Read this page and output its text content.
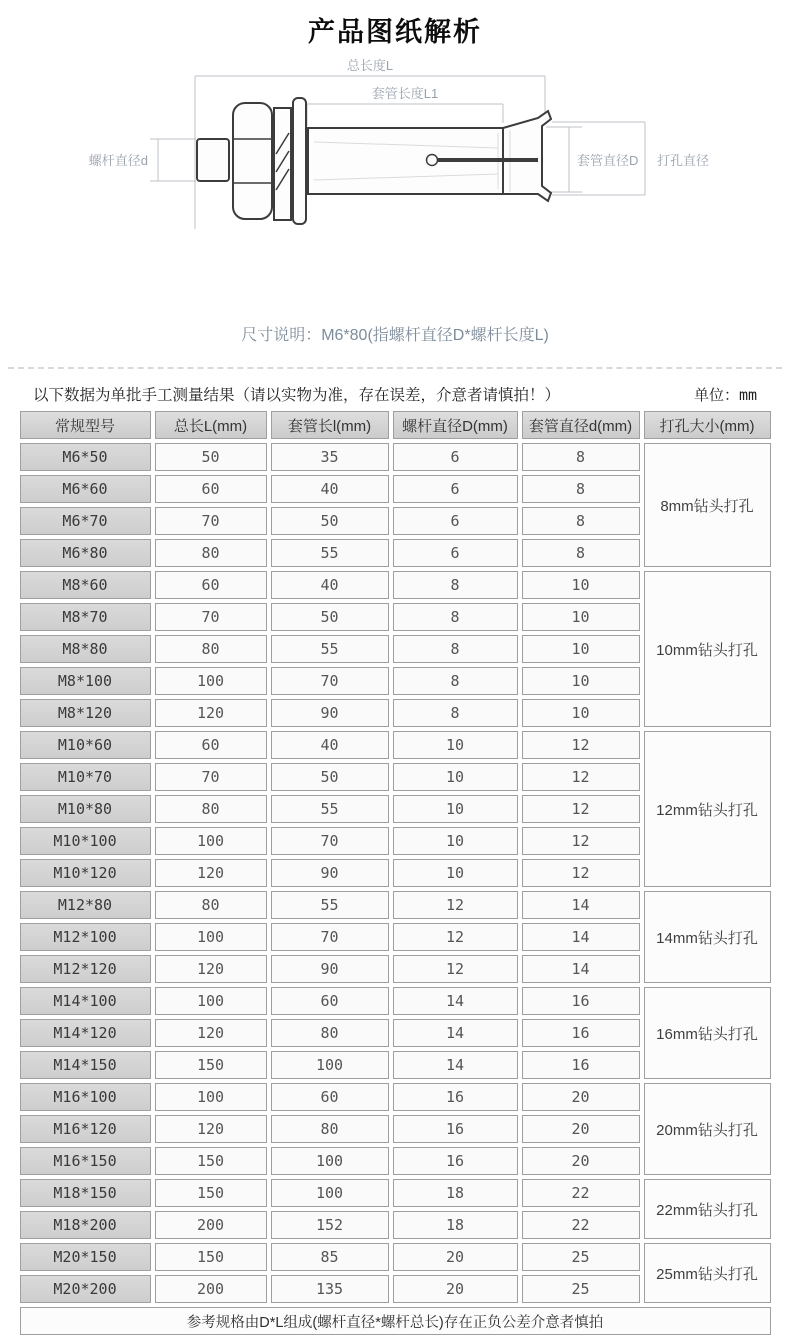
产品图纸解析
总长度L
套管长度L1
螺杆直径d	套管直径D 打孔直径

尺寸说明：M6*80(指螺杆直径D*螺杆长度L)

以下数据为单批手工测量结果（请以实物为准，存在误差，介意者请慎拍！）	单位：mm
常规型号	总长L(mm)	套管长l(mm)	螺杆直径D(mm)	套管直径d(mm)	打孔大小(mm)
M6*50	50	35	6	8	8mm钻头打孔
M6*60	60	40	6	8	
M6*70	70	50	6	8	
M6*80	80	55	6	8	
M8*60	60	40	8	10	10mm钻头打孔
M8*70	70	50	8	10	
M8*80	80	55	8	10	
M8*100	100	70	8	10	
M8*120	120	90	8	10	
M10*60	60	40	10	12	12mm钻头打孔
M10*70	70	50	10	12	
M10*80	80	55	10	12	
M10*100	100	70	10	12	
M10*120	120	90	10	12	
M12*80	80	55	12	14	14mm钻头打孔
M12*100	100	70	12	14	
M12*120	120	90	12	14	
M14*100	100	60	14	16	16mm钻头打孔
M14*120	120	80	14	16	
M14*150	150	100	14	16	
M16*100	100	60	16	20	20mm钻头打孔
M16*120	120	80	16	20	
M16*150	150	100	16	20	
M18*150	150	100	18	22	22mm钻头打孔
M18*200	200	152	18	22	
M20*150	150	85	20	25	25mm钻头打孔
M20*200	200	135	20	25	
参考规格由D*L组成(螺杆直径*螺杆总长)存在正负公差介意者慎拍					
